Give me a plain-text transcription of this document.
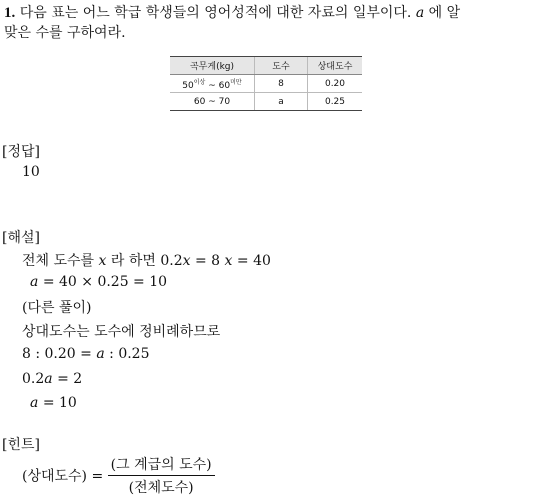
1. 다음 표는 어느 학급 학생들의 영어성적에 대한 자료의 일부이다. a 에 알
맞은 수를 구하여라.
곡무게(kg)	도수	상대도수
$50^{이상}$ ~ $60^{미만}$	8	0.20
60 ~ 70	a	0.25
[정답]
10
[해설]
전체 도수를 x 라 하면 0.2x = 8 x = 40
a = 40 × 0.25 = 10
(다른 풀이)
상대도수는 도수에 정비례하므로
8 : 0.20 = a : 0.25
0.2a = 2
a = 10
[힌트]
(상대도수) = $\frac{\text{(그 계급의 도수)}}{\text{(전체도수)}}$
